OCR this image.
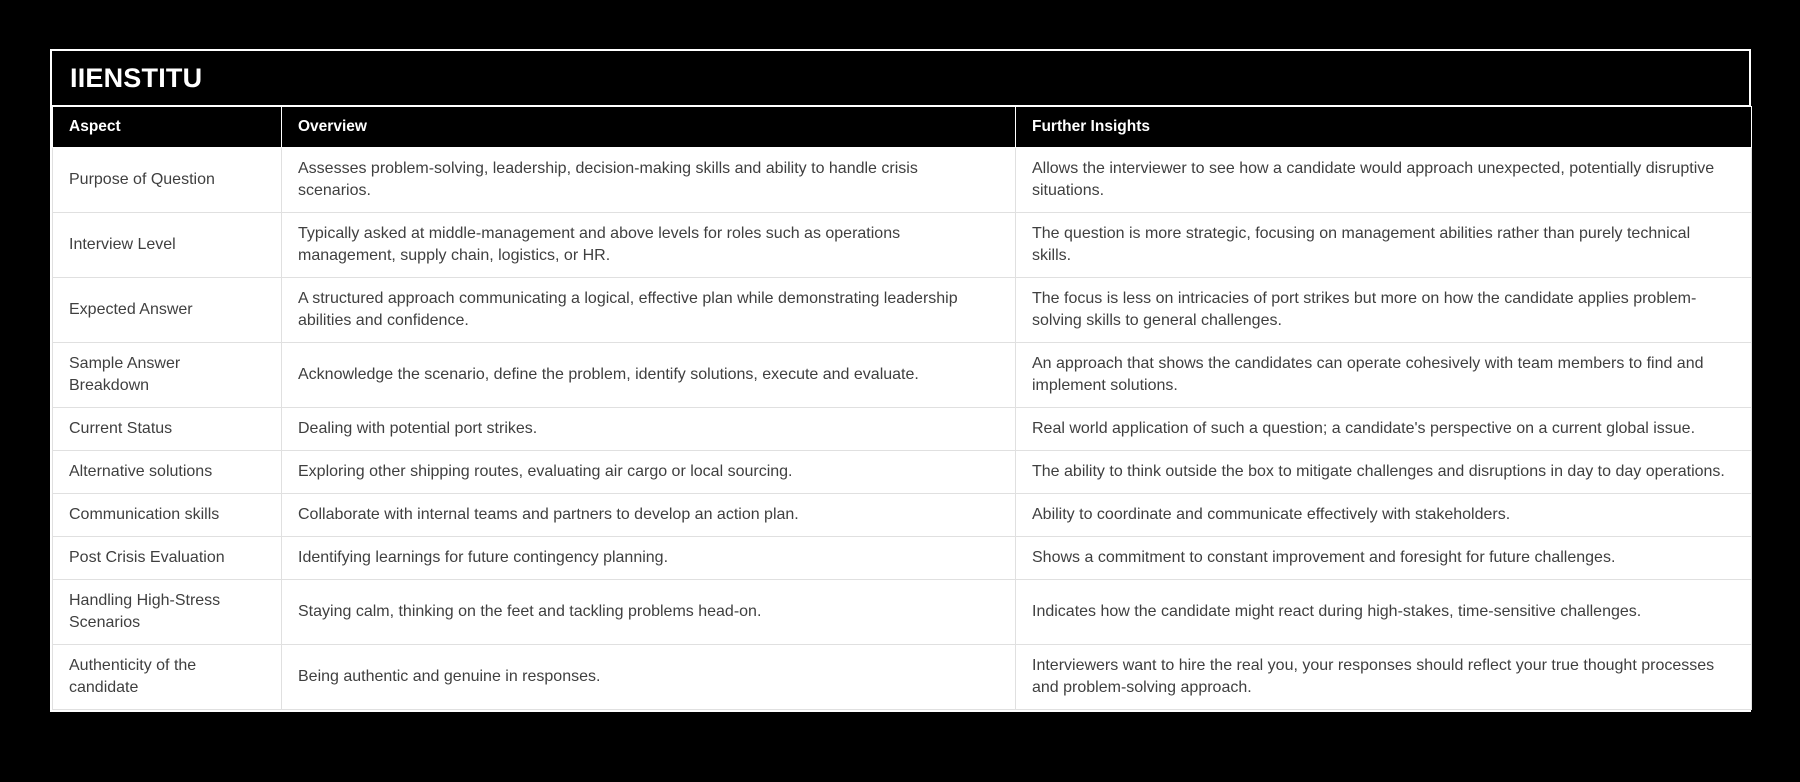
IIENSTITU
Aspect	Overview	Further Insights
Purpose of Question	Assesses problem-solving, leadership, decision-making skills and ability to handle crisis scenarios.	Allows the interviewer to see how a candidate would approach unexpected, potentially disruptive situations.
Interview Level	Typically asked at middle-management and above levels for roles such as operations management, supply chain, logistics, or HR.	The question is more strategic, focusing on management abilities rather than purely technical skills.
Expected Answer	A structured approach communicating a logical, effective plan while demonstrating leadership abilities and confidence.	The focus is less on intricacies of port strikes but more on how the candidate applies problem-solving skills to general challenges.
Sample Answer Breakdown	Acknowledge the scenario, define the problem, identify solutions, execute and evaluate.	An approach that shows the candidates can operate cohesively with team members to find and implement solutions.
Current Status	Dealing with potential port strikes.	Real world application of such a question; a candidate's perspective on a current global issue.
Alternative solutions	Exploring other shipping routes, evaluating air cargo or local sourcing.	The ability to think outside the box to mitigate challenges and disruptions in day to day operations.
Communication skills	Collaborate with internal teams and partners to develop an action plan.	Ability to coordinate and communicate effectively with stakeholders.
Post Crisis Evaluation	Identifying learnings for future contingency planning.	Shows a commitment to constant improvement and foresight for future challenges.
Handling High-Stress Scenarios	Staying calm, thinking on the feet and tackling problems head-on.	Indicates how the candidate might react during high-stakes, time-sensitive challenges.
Authenticity of the candidate	Being authentic and genuine in responses.	Interviewers want to hire the real you, your responses should reflect your true thought processes and problem-solving approach.
